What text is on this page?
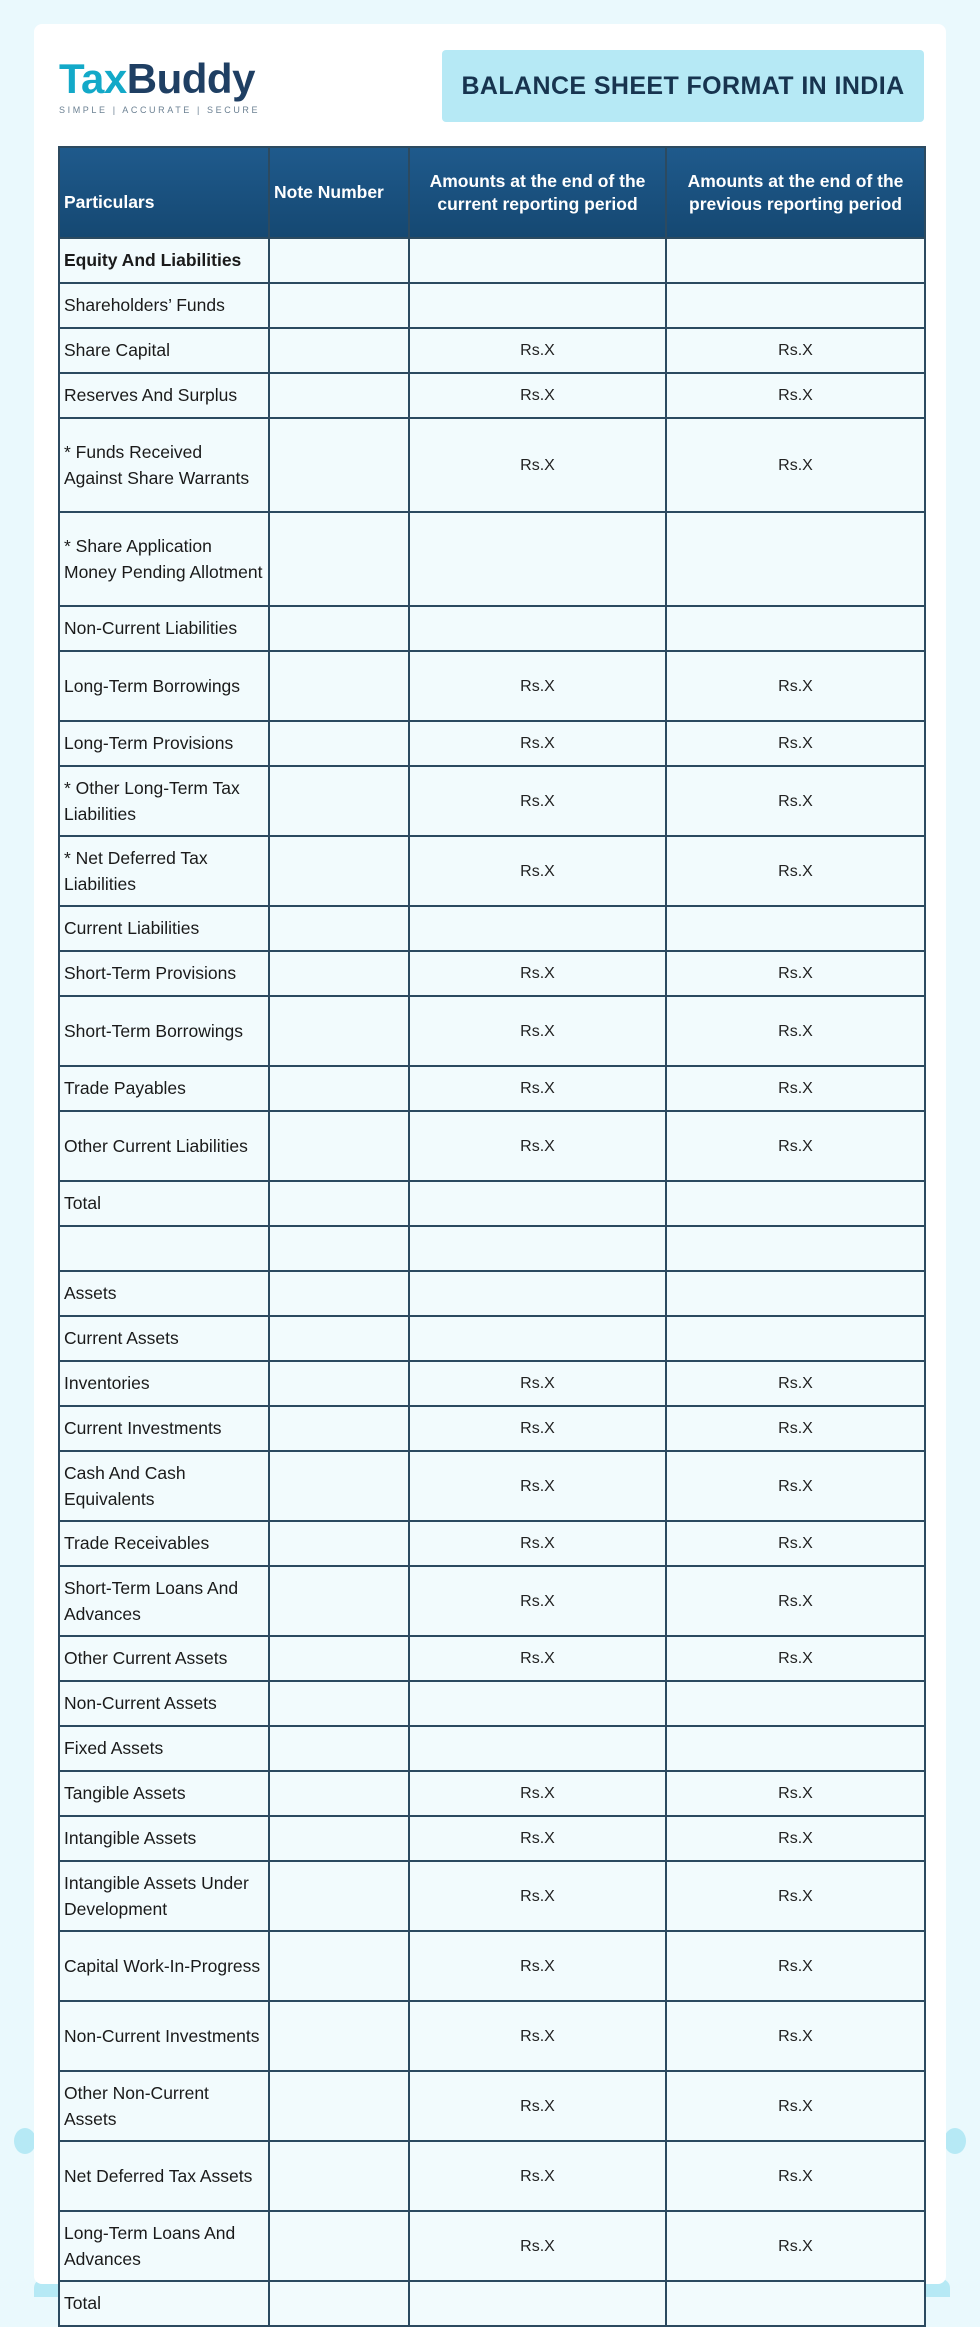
TaxBuddy
SIMPLE | ACCURATE | SECURE
BALANCE SHEET FORMAT IN INDIA
Particulars	Note Number	Amounts at the end of the current reporting period	Amounts at the end of the previous reporting period
Equity And Liabilities			
Shareholders’ Funds			
Share Capital		Rs.X	Rs.X
Reserves And Surplus		Rs.X	Rs.X
* Funds Received Against Share Warrants		Rs.X	Rs.X
* Share Application Money Pending Allotment			
Non-Current Liabilities			
Long-Term Borrowings		Rs.X	Rs.X
Long-Term Provisions		Rs.X	Rs.X
* Other Long-Term Tax Liabilities		Rs.X	Rs.X
* Net Deferred Tax Liabilities		Rs.X	Rs.X
Current Liabilities			
Short-Term Provisions		Rs.X	Rs.X
Short-Term Borrowings		Rs.X	Rs.X
Trade Payables		Rs.X	Rs.X
Other Current Liabilities		Rs.X	Rs.X
Total			

Assets			
Current Assets			
Inventories		Rs.X	Rs.X
Current Investments		Rs.X	Rs.X
Cash And Cash Equivalents		Rs.X	Rs.X
Trade Receivables		Rs.X	Rs.X
Short-Term Loans And Advances		Rs.X	Rs.X
Other Current Assets		Rs.X	Rs.X
Non-Current Assets			
Fixed Assets			
Tangible Assets		Rs.X	Rs.X
Intangible Assets		Rs.X	Rs.X
Intangible Assets Under Development		Rs.X	Rs.X
Capital Work-In-Progress		Rs.X	Rs.X
Non-Current Investments		Rs.X	Rs.X
Other Non-Current Assets		Rs.X	Rs.X
Net Deferred Tax Assets		Rs.X	Rs.X
Long-Term Loans And Advances		Rs.X	Rs.X
Total			
